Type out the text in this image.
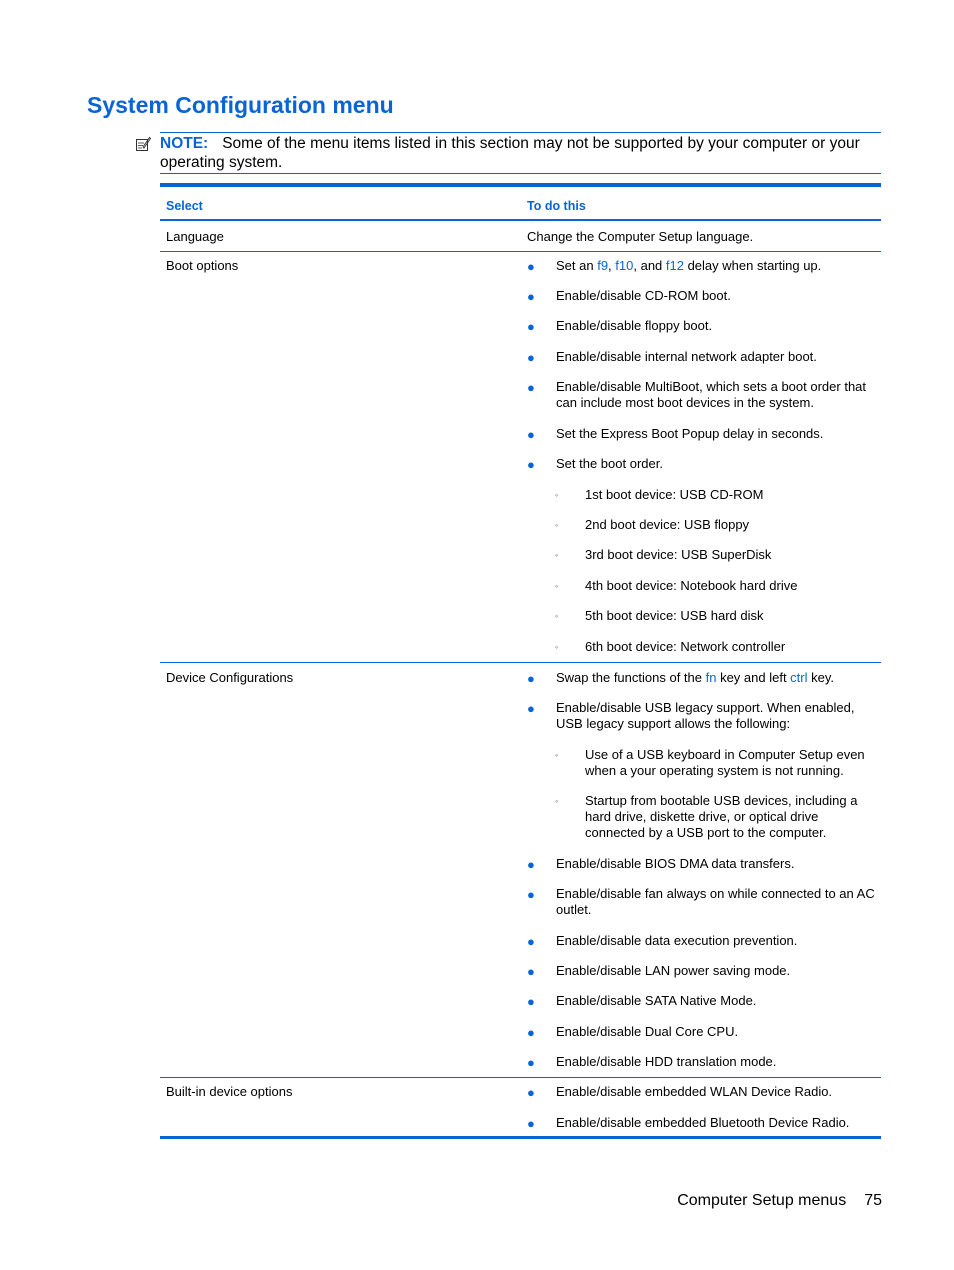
System Configuration menu
NOTE: Some of the menu items listed in this section may not be supported by your computer or your operating system.
Select	To do this
Language	Change the Computer Setup language.
Boot options	● Set an f9, f10, and f12 delay when starting up.
● Enable/disable CD-ROM boot.
● Enable/disable floppy boot.
● Enable/disable internal network adapter boot.
● Enable/disable MultiBoot, which sets a boot order that can include most boot devices in the system.
● Set the Express Boot Popup delay in seconds.
● Set the boot order.
◦	1st boot device: USB CD-ROM
◦	2nd boot device: USB floppy
◦	3rd boot device: USB SuperDisk
◦	4th boot device: Notebook hard drive
◦	5th boot device: USB hard disk
◦	6th boot device: Network controller
Device Configurations	● Swap the functions of the fn key and left ctrl key.
● Enable/disable USB legacy support. When enabled, USB legacy support allows the following:
◦	Use of a USB keyboard in Computer Setup even when a your operating system is not running.
◦	Startup from bootable USB devices, including a hard drive, diskette drive, or optical drive connected by a USB port to the computer.
● Enable/disable BIOS DMA data transfers.
● Enable/disable fan always on while connected to an AC outlet.
● Enable/disable data execution prevention.
● Enable/disable LAN power saving mode.
● Enable/disable SATA Native Mode.
● Enable/disable Dual Core CPU.
● Enable/disable HDD translation mode.
Built-in device options	● Enable/disable embedded WLAN Device Radio.
● Enable/disable embedded Bluetooth Device Radio.
Computer Setup menus 75
